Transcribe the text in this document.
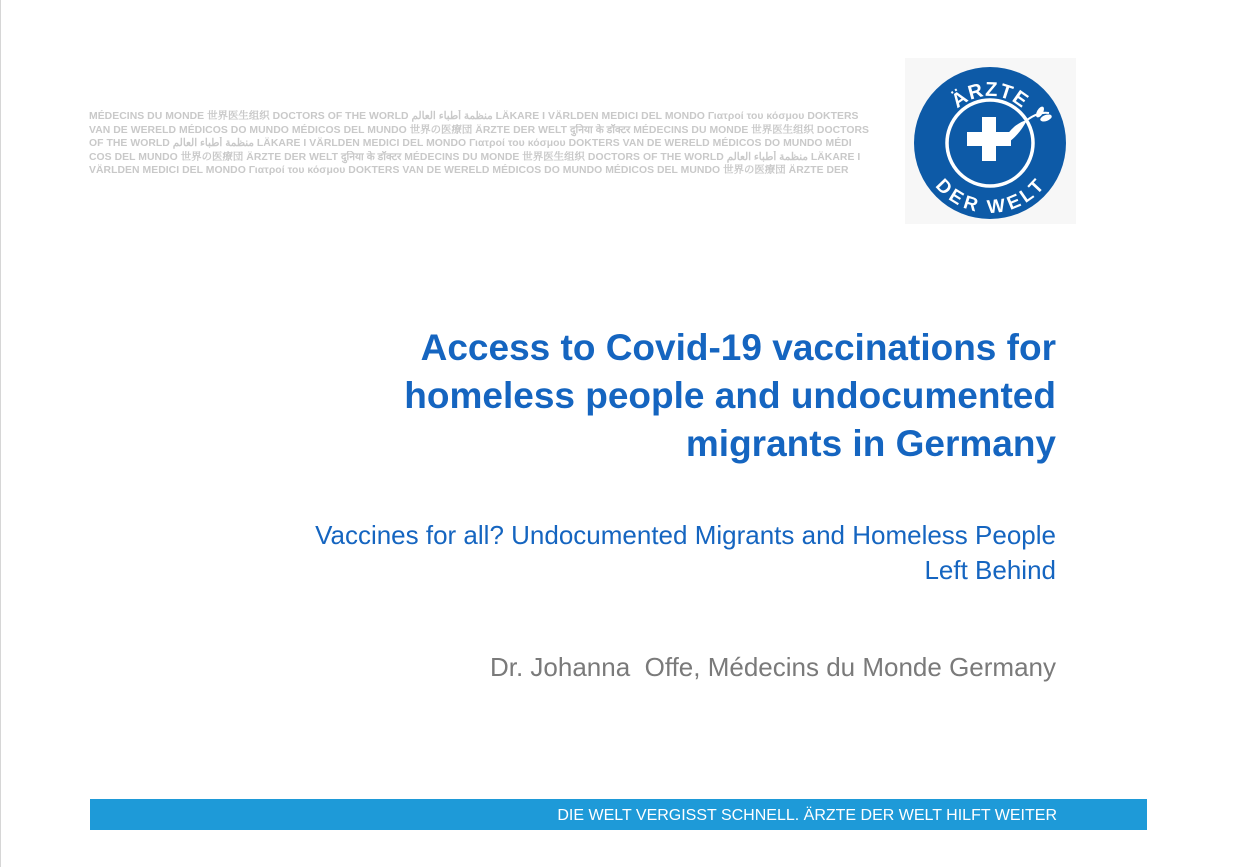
MÉDECINS DU MONDE 世界医生组织 DOCTORS OF THE WORLD منظمة أطباء العالم LÄKARE I VÄRLDEN MEDICI DEL MONDO Γιατροί του κόσμου DOKTERS
VAN DE WERELD MÉDICOS DO MUNDO MÉDICOS DEL MUNDO 世界の医療団 ÄRZTE DER WELT दुनिया के डॉक्टर MÉDECINS DU MONDE 世界医生组织 DOCTORS
OF THE WORLD منظمة أطباء العالم LÄKARE I VÄRLDEN MEDICI DEL MONDO Γιατροί του κόσμου DOKTERS VAN DE WERELD MÉDICOS DO MUNDO MÉDI
COS DEL MUNDO 世界の医療団 ÄRZTE DER WELT दुनिया के डॉक्टर MÉDECINS DU MONDE 世界医生组织 DOCTORS OF THE WORLD منظمة أطباء العالم LÄKARE I
VÄRLDEN MEDICI DEL MONDO Γιατροί του κόσμου DOKTERS VAN DE WERELD MÉDICOS DO MUNDO MÉDICOS DEL MUNDO 世界の医療団 ÄRZTE DER
ÄRZTE
DER WELT
Access to Covid-19 vaccinations for
homeless people and undocumented
migrants in Germany
Vaccines for all? Undocumented Migrants and Homeless People
Left Behind
Dr. Johanna  Offe, Médecins du Monde Germany
DIE WELT VERGISST SCHNELL. ÄRZTE DER WELT HILFT WEITER
